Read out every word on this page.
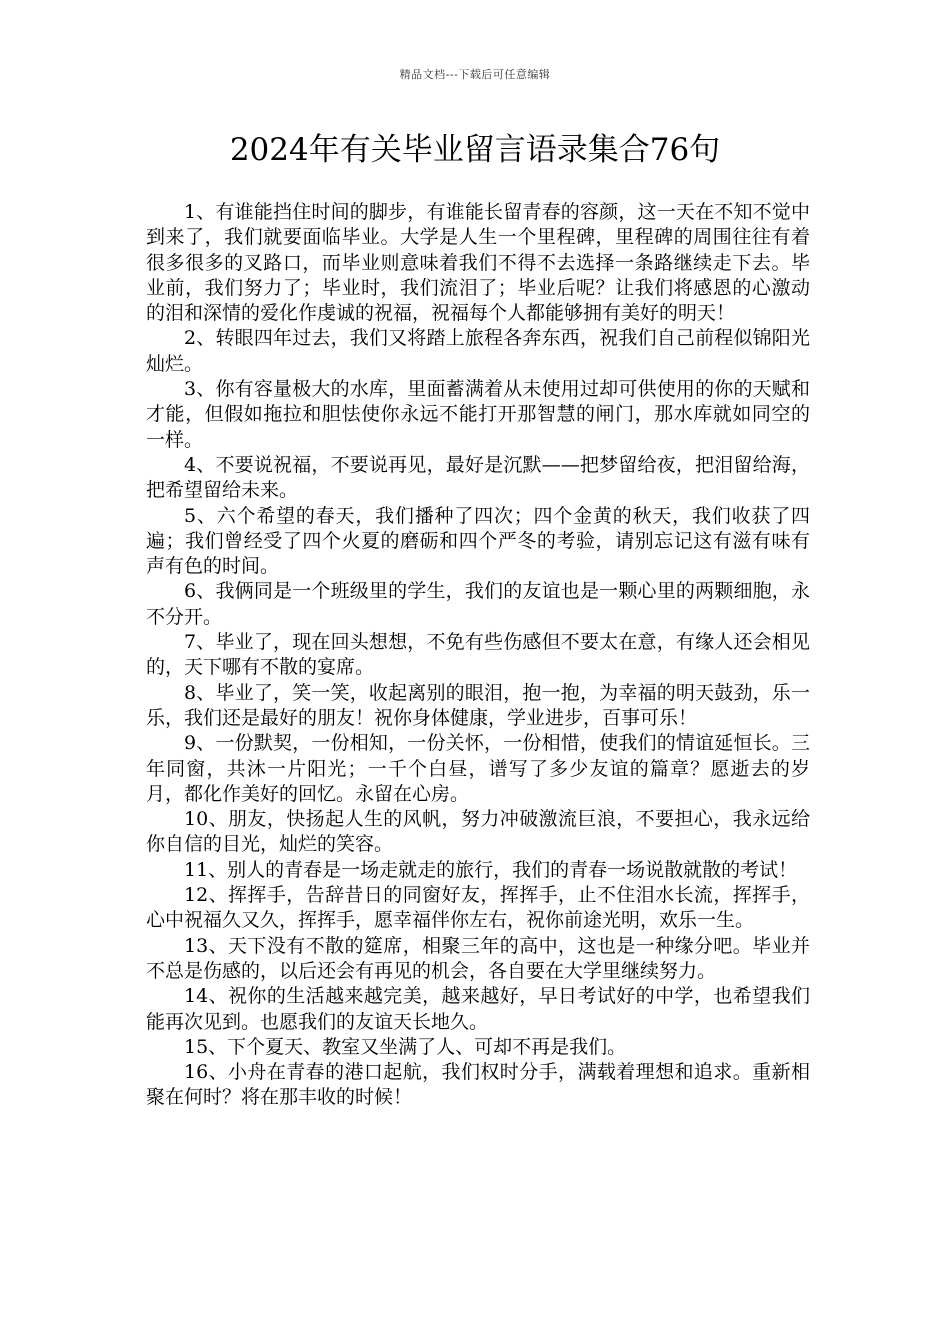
精品文档---下载后可任意编辑
2024年有关毕业留言语录集合76句

1、有谁能挡住时间的脚步，有谁能长留青春的容颜，这一天在不知不觉中到来了，我们就要面临毕业。大学是人生一个里程碑，里程碑的周围往往有着很多很多的叉路口，而毕业则意味着我们不得不去选择一条路继续走下去。毕业前，我们努力了；毕业时，我们流泪了；毕业后呢？让我们将感恩的心激动的泪和深情的爱化作虔诚的祝福，祝福每个人都能够拥有美好的明天！

2、转眼四年过去，我们又将踏上旅程各奔东西，祝我们自己前程似锦阳光灿烂。

3、你有容量极大的水库，里面蓄满着从未使用过却可供使用的你的天赋和才能，但假如拖拉和胆怯使你永远不能打开那智慧的闸门，那水库就如同空的一样。

4、不要说祝福，不要说再见，最好是沉默——把梦留给夜，把泪留给海，把希望留给未来。

5、六个希望的春天，我们播种了四次；四个金黄的秋天，我们收获了四遍；我们曾经受了四个火夏的磨砺和四个严冬的考验，请别忘记这有滋有味有声有色的时间。

6、我俩同是一个班级里的学生，我们的友谊也是一颗心里的两颗细胞，永不分开。

7、毕业了，现在回头想想，不免有些伤感但不要太在意，有缘人还会相见的，天下哪有不散的宴席。

8、毕业了，笑一笑，收起离别的眼泪，抱一抱，为幸福的明天鼓劲，乐一乐，我们还是最好的朋友！祝你身体健康，学业进步，百事可乐！

9、一份默契，一份相知，一份关怀，一份相惜，使我们的情谊延恒长。三年同窗，共沐一片阳光；一千个白昼，谱写了多少友谊的篇章？愿逝去的岁月，都化作美好的回忆。永留在心房。

10、朋友，快扬起人生的风帆，努力冲破激流巨浪，不要担心，我永远给你自信的目光，灿烂的笑容。

11、别人的青春是一场走就走的旅行，我们的青春一场说散就散的考试！

12、挥挥手，告辞昔日的同窗好友，挥挥手，止不住泪水长流，挥挥手，心中祝福久又久，挥挥手，愿幸福伴你左右，祝你前途光明，欢乐一生。

13、天下没有不散的筵席，相聚三年的高中，这也是一种缘分吧。毕业并不总是伤感的，以后还会有再见的机会，各自要在大学里继续努力。

14、祝你的生活越来越完美，越来越好，早日考试好的中学，也希望我们能再次见到。也愿我们的友谊天长地久。

15、下个夏天、教室又坐满了人、可却不再是我们。

16、小舟在青春的港口起航，我们权时分手，满载着理想和追求。重新相聚在何时？将在那丰收的时候！
